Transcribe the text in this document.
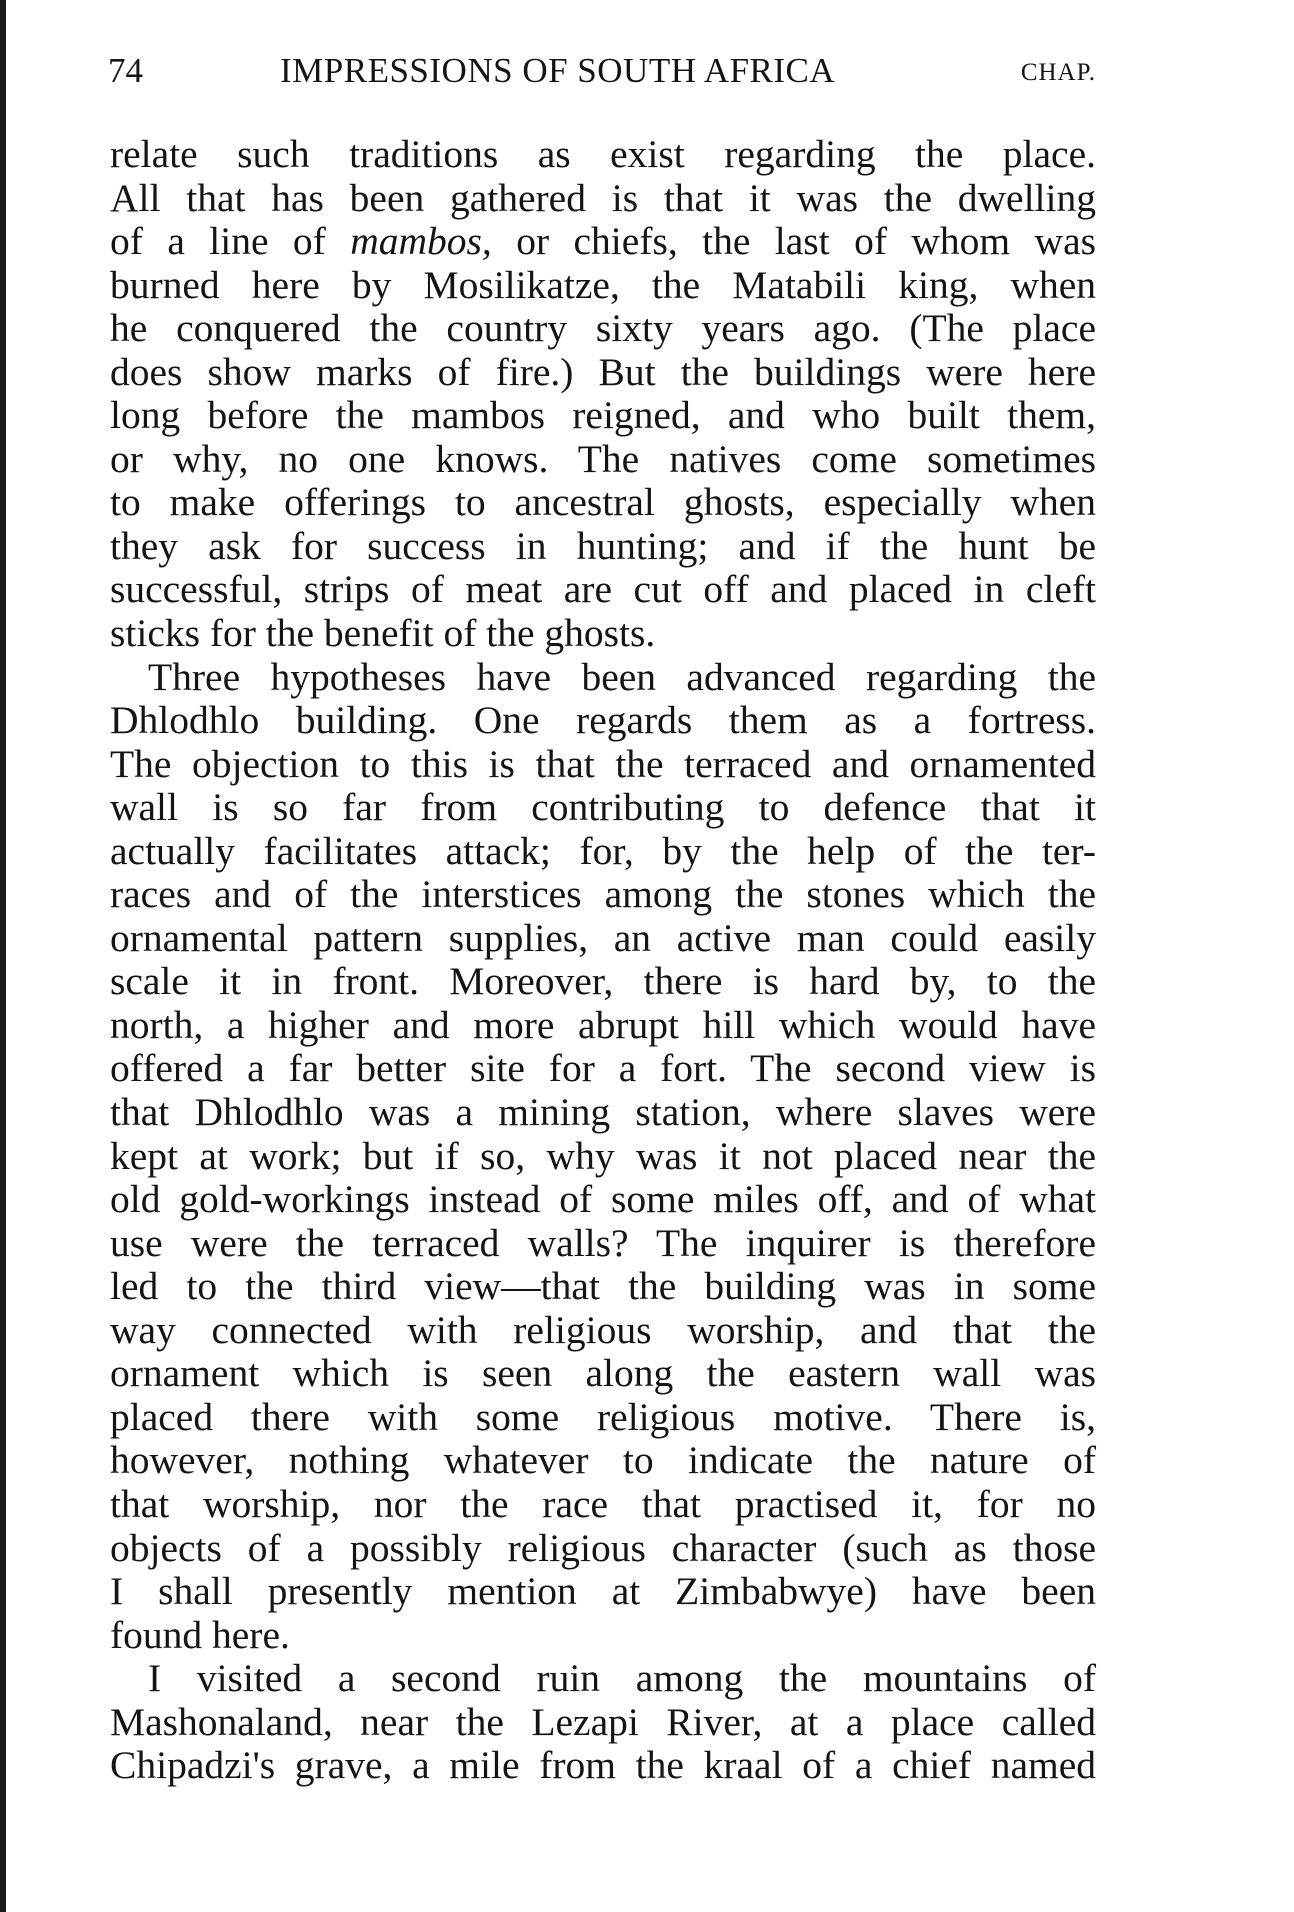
74	IMPRESSIONS OF SOUTH AFRICA	CHAP.
relate such traditions as exist regarding the place.
All that has been gathered is that it was the dwelling
of a line of mambos, or chiefs, the last of whom was
burned here by Mosilikatze, the Matabili king, when
he conquered the country sixty years ago. (The place
does show marks of fire.) But the buildings were here
long before the mambos reigned, and who built them,
or why, no one knows. The natives come sometimes
to make offerings to ancestral ghosts, especially when
they ask for success in hunting; and if the hunt be
successful, strips of meat are cut off and placed in cleft
sticks for the benefit of the ghosts.
Three hypotheses have been advanced regarding the
Dhlodhlo building. One regards them as a fortress.
The objection to this is that the terraced and ornamented
wall is so far from contributing to defence that it
actually facilitates attack; for, by the help of the ter-
races and of the interstices among the stones which the
ornamental pattern supplies, an active man could easily
scale it in front. Moreover, there is hard by, to the
north, a higher and more abrupt hill which would have
offered a far better site for a fort. The second view is
that Dhlodhlo was a mining station, where slaves were
kept at work; but if so, why was it not placed near the
old gold-workings instead of some miles off, and of what
use were the terraced walls? The inquirer is therefore
led to the third view—that the building was in some
way connected with religious worship, and that the
ornament which is seen along the eastern wall was
placed there with some religious motive. There is,
however, nothing whatever to indicate the nature of
that worship, nor the race that practised it, for no
objects of a possibly religious character (such as those
I shall presently mention at Zimbabwye) have been
found here.
I visited a second ruin among the mountains of
Mashonaland, near the Lezapi River, at a place called
Chipadzi's grave, a mile from the kraal of a chief named
